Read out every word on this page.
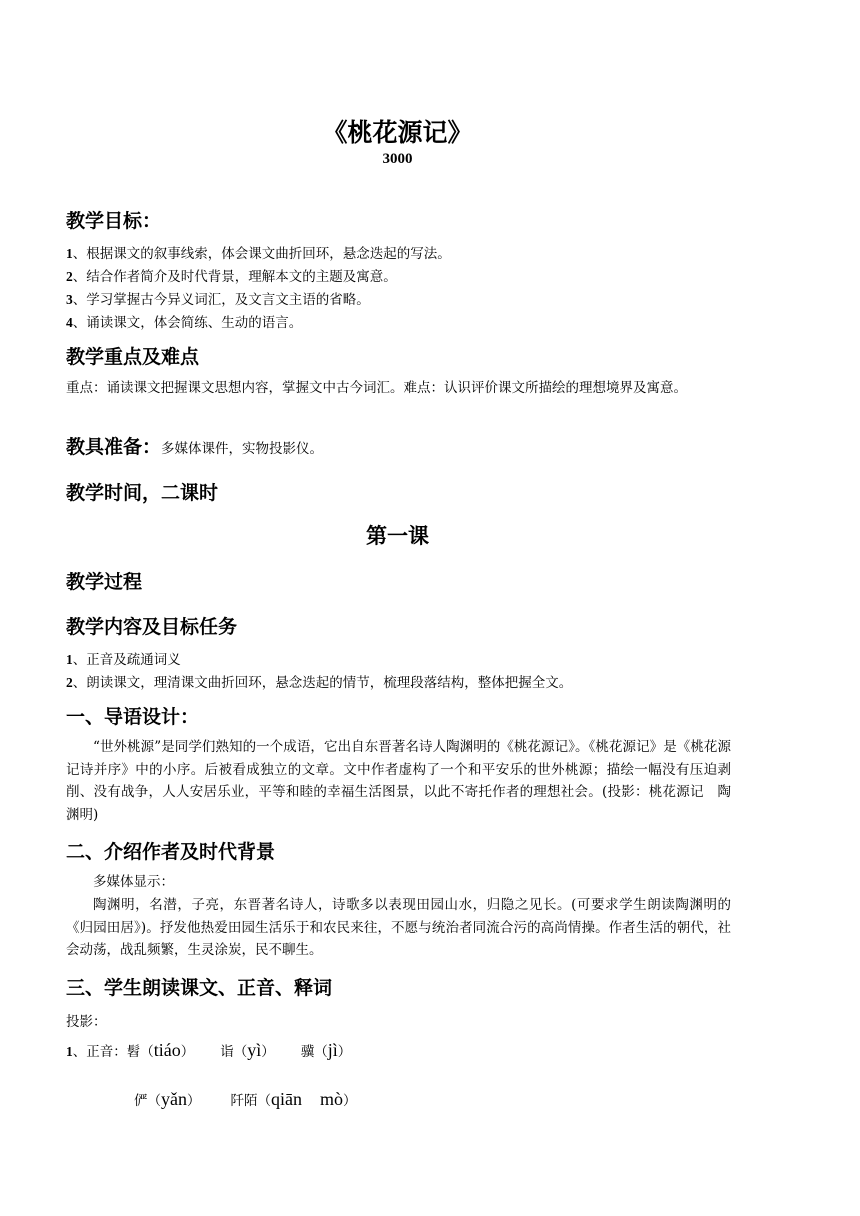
《桃花源记》
3000
教学目标：
1、根据课文的叙事线索，体会课文曲折回环，悬念迭起的写法。
2、结合作者简介及时代背景，理解本文的主题及寓意。
3、学习掌握古今异义词汇，及文言文主语的省略。
4、诵读课文，体会简练、生动的语言。
教学重点及难点
重点：诵读课文把握课文思想内容，掌握文中古今词汇。难点：认识评价课文所描绘的理想境界及寓意。
教具准备：多媒体课件，实物投影仪。
教学时间，二课时
第一课
教学过程
教学内容及目标任务
1、正音及疏通词义
2、朗读课文，理清课文曲折回环，悬念迭起的情节，梳理段落结构，整体把握全文。
一、导语设计：
“世外桃源”是同学们熟知的一个成语，它出自东晋著名诗人陶渊明的《桃花源记》。《桃花源记》是《桃花源记诗并序》中的小序。后被看成独立的文章。文中作者虚构了一个和平安乐的世外桃源；描绘一幅没有压迫剥削、没有战争，人人安居乐业，平等和睦的幸福生活图景，以此不寄托作者的理想社会。(投影：桃花源记　陶渊明)
二、介绍作者及时代背景
多媒体显示：
陶渊明，名潜，子亮，东晋著名诗人，诗歌多以表现田园山水，归隐之见长。(可要求学生朗读陶渊明的《归园田居》)。抒发他热爱田园生活乐于和农民来往，不愿与统治者同流合污的高尚情操。作者生活的朝代，社会动荡，战乱频繁，生灵涂炭，民不聊生。
三、学生朗读课文、正音、释词
投影：
1、正音：髫（tiáo） 诣（yì） 骥（jì）
俨（yǎn） 阡陌（qiān　mò）
